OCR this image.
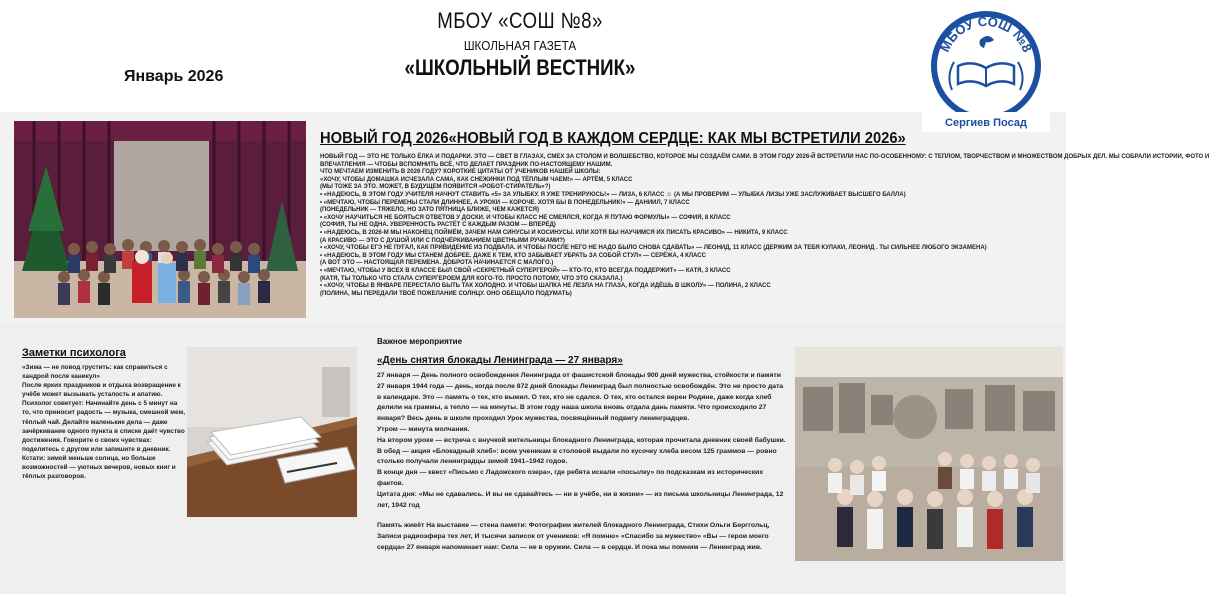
МБОУ «СОШ №8»
ШКОЛЬНАЯ ГАЗЕТА
«ШКОЛЬНЫЙ ВЕСТНИК»
Январь 2026
МБОУ СОШ №8
Сергиев Посад
НОВЫЙ ГОД 2026«НОВЫЙ ГОД В КАЖДОМ СЕРДЦЕ: КАК МЫ ВСТРЕТИЛИ 2026»

НОВЫЙ ГОД — ЭТО НЕ ТОЛЬКО ЁЛКА И ПОДАРКИ. ЭТО — СВЕТ В ГЛАЗАХ, СМЕХ ЗА СТОЛОМ И ВОЛШЕБСТВО, КОТОРОЕ МЫ СОЗДАЁМ САМИ. В ЭТОМ ГОДУ 2026-Й ВСТРЕТИЛИ НАС ПО-ОСОБЕННОМУ: С ТЕПЛОМ, ТВОРЧЕСТВОМ И МНОЖЕСТВОМ ДОБРЫХ ДЕЛ. МЫ СОБРАЛИ ИСТОРИИ, ФОТО И

ВПЕЧАТЛЕНИЯ — ЧТОБЫ ВСПОМНИТЬ ВСЁ, ЧТО ДЕЛАЕТ ПРАЗДНИК ПО-НАСТОЯЩЕМУ НАШИМ.

ЧТО МЕЧТАЕМ ИЗМЕНИТЬ В 2026 ГОДУ? КОРОТКИЕ ЦИТАТЫ ОТ УЧЕНИКОВ НАШЕЙ ШКОЛЫ:

«ХОЧУ, ЧТОБЫ ДОМАШКА ИСЧЕЗАЛА САМА, КАК СНЕЖИНКИ ПОД ТЁПЛЫМ ЧАЕМ!» — АРТЁМ, 5 КЛАСС

(МЫ ТОЖЕ ЗА ЭТО. МОЖЕТ, В БУДУЩЕМ ПОЯВИТСЯ «РОБОТ-СТИРАТЕЛЬ»?)

• «НАДЕЮСЬ, В ЭТОМ ГОДУ УЧИТЕЛЯ НАЧНУТ СТАВИТЬ «5» ЗА УЛЫБКУ. Я УЖЕ ТРЕНИРУЮСЬ!» — ЛИЗА, 6 КЛАСС ☺ (А МЫ ПРОВЕРИМ — УЛЫБКА ЛИЗЫ УЖЕ ЗАСЛУЖИВАЕТ ВЫСШЕГО БАЛЛА)

• «МЕЧТАЮ, ЧТОБЫ ПЕРЕМЕНЫ СТАЛИ ДЛИННЕЕ, А УРОКИ — КОРОЧЕ. ХОТЯ БЫ В ПОНЕДЕЛЬНИК!» — ДАНИИЛ, 7 КЛАСС

(ПОНЕДЕЛЬНИК — ТЯЖЕЛО, НО ЗАТО ПЯТНИЦА БЛИЖЕ, ЧЕМ КАЖЕТСЯ)

• «ХОЧУ НАУЧИТЬСЯ НЕ БОЯТЬСЯ ОТВЕТОВ У ДОСКИ. И ЧТОБЫ КЛАСС НЕ СМЕЯЛСЯ, КОГДА Я ПУТАЮ ФОРМУЛЫ» — СОФИЯ, 8 КЛАСС

(СОФИЯ, ТЫ НЕ ОДНА. УВЕРЕННОСТЬ РАСТЁТ С КАЖДЫМ РАЗОМ — ВПЕРЁД)

• «НАДЕЮСЬ, В 2026-М МЫ НАКОНЕЦ ПОЙМЁМ, ЗАЧЕМ НАМ СИНУСЫ И КОСИНУСЫ. ИЛИ ХОТЯ БЫ НАУЧИМСЯ ИХ ПИСАТЬ КРАСИВО» — НИКИТА, 9 КЛАСС

(А КРАСИВО — ЭТО С ДУШОЙ ИЛИ С ПОДЧЁРКИВАНИЕМ ЦВЕТНЫМИ РУЧКАМИ?)

• «ХОЧУ, ЧТОБЫ ЕГЭ НЕ ПУГАЛ, КАК ПРИВИДЕНИЕ ИЗ ПОДВАЛА. И ЧТОБЫ ПОСЛЕ НЕГО НЕ НАДО БЫЛО СНОВА СДАВАТЬ» — ЛЕОНИД, 11 КЛАСС (ДЕРЖИМ ЗА ТЕБЯ КУЛАКИ, ЛЕОНИД . ТЫ СИЛЬНЕЕ ЛЮБОГО ЭКЗАМЕНА)

• «НАДЕЮСЬ, В ЭТОМ ГОДУ МЫ СТАНЕМ ДОБРЕЕ. ДАЖЕ К ТЕМ, КТО ЗАБЫВАЕТ УБРАТЬ ЗА СОБОЙ СТУЛ» — СЕРЁЖА, 4 КЛАСС

(А ВОТ ЭТО — НАСТОЯЩАЯ ПЕРЕМЕНА. ДОБРОТА НАЧИНАЕТСЯ С МАЛОГО.)

• «МЕЧТАЮ, ЧТОБЫ У ВСЕХ В КЛАССЕ БЫЛ СВОЙ «СЕКРЕТНЫЙ СУПЕРГЕРОЙ» — КТО-ТО, КТО ВСЕГДА ПОДДЕРЖИТ» — КАТЯ, 3 КЛАСС

(КАТЯ, ТЫ ТОЛЬКО ЧТО СТАЛА СУПЕРГЕРОЕМ ДЛЯ КОГО-ТО. ПРОСТО ПОТОМУ, ЧТО ЭТО СКАЗАЛА.)

• «ХОЧУ, ЧТОБЫ В ЯНВАРЕ ПЕРЕСТАЛО БЫТЬ ТАК ХОЛОДНО. И ЧТОБЫ ШАПКА НЕ ЛЕЗЛА НА ГЛАЗА, КОГДА ИДЁШЬ В ШКОЛУ» — ПОЛИНА, 2 КЛАСС

(ПОЛИНА, МЫ ПЕРЕДАЛИ ТВОЁ ПОЖЕЛАНИЕ СОЛНЦУ. ОНО ОБЕЩАЛО ПОДУМАТЬ)

Заметки психолога

«Зима — не повод грустить: как справиться с хандрой после каникул»

После ярких праздников и отдыха возвращение к учёбе может вызывать усталость и апатию. Психолог советует: Начинайте день с 5 минут на то, что приносит радость — музыка, смешной мем, тёплый чай. Делайте маленькие дела — даже зачёркивание одного пункта в списке даёт чувство достижения. Говорите о своих чувствах: поделитесь с другом или запишите в дневник. Кстати: зимой меньше солнца, но больше возможностей — уютных вечеров, новых книг и тёплых разговоров.

Важное мероприятие
«День снятия блокады Ленинграда — 27 января»

27 января — День полного освобождения Ленинграда от фашистской блокады 900 дней мужества, стойкости и памяти 27 января 1944 года — день, когда после 872 дней блокады Ленинград был полностью освобождён. Это не просто дата в календаре. Это — память о тех, кто выжил. О тех, кто не сдался. О тех, кто остался верен Родине, даже когда хлеб делили на граммы, а тепло — на минуты. В этом году наша школа вновь отдала дань памяти. Что происходило 27 января? Весь день в школе проходил Урок мужества, посвящённый подвигу ленинградцев.

Утром — минута молчания.

На втором уроке — встреча с внучкой жительницы блокадного Ленинграда, которая прочитала дневник своей бабушки.

В обед — акция «Блокадный хлеб»: всем ученикам в столовой выдали по кусочку хлеба весом 125 граммов — ровно столько получали ленинградцы зимой 1941–1942 годов.

В конце дня — квест «Письмо с Ладожского озера», где ребята искали «посылку» по подсказкам из исторических фактов.

Цитата дня: «Мы не сдавались. И вы не сдавайтесь — ни в учёбе, ни в жизни» — из письма школьницы Ленинграда, 12 лет, 1942 год

Память живёт На выставке — стена памяти: Фотографии жителей блокадного Ленинграда, Стихи Ольги Берггольц, Записи радиоэфира тех лет, И тысячи записок от учеников: «Я помню» «Спасибо за мужество» «Вы — герои моего сердца» 27 января напоминает нам: Сила — не в оружии. Сила — в сердце. И пока мы помним — Ленинград жив.
